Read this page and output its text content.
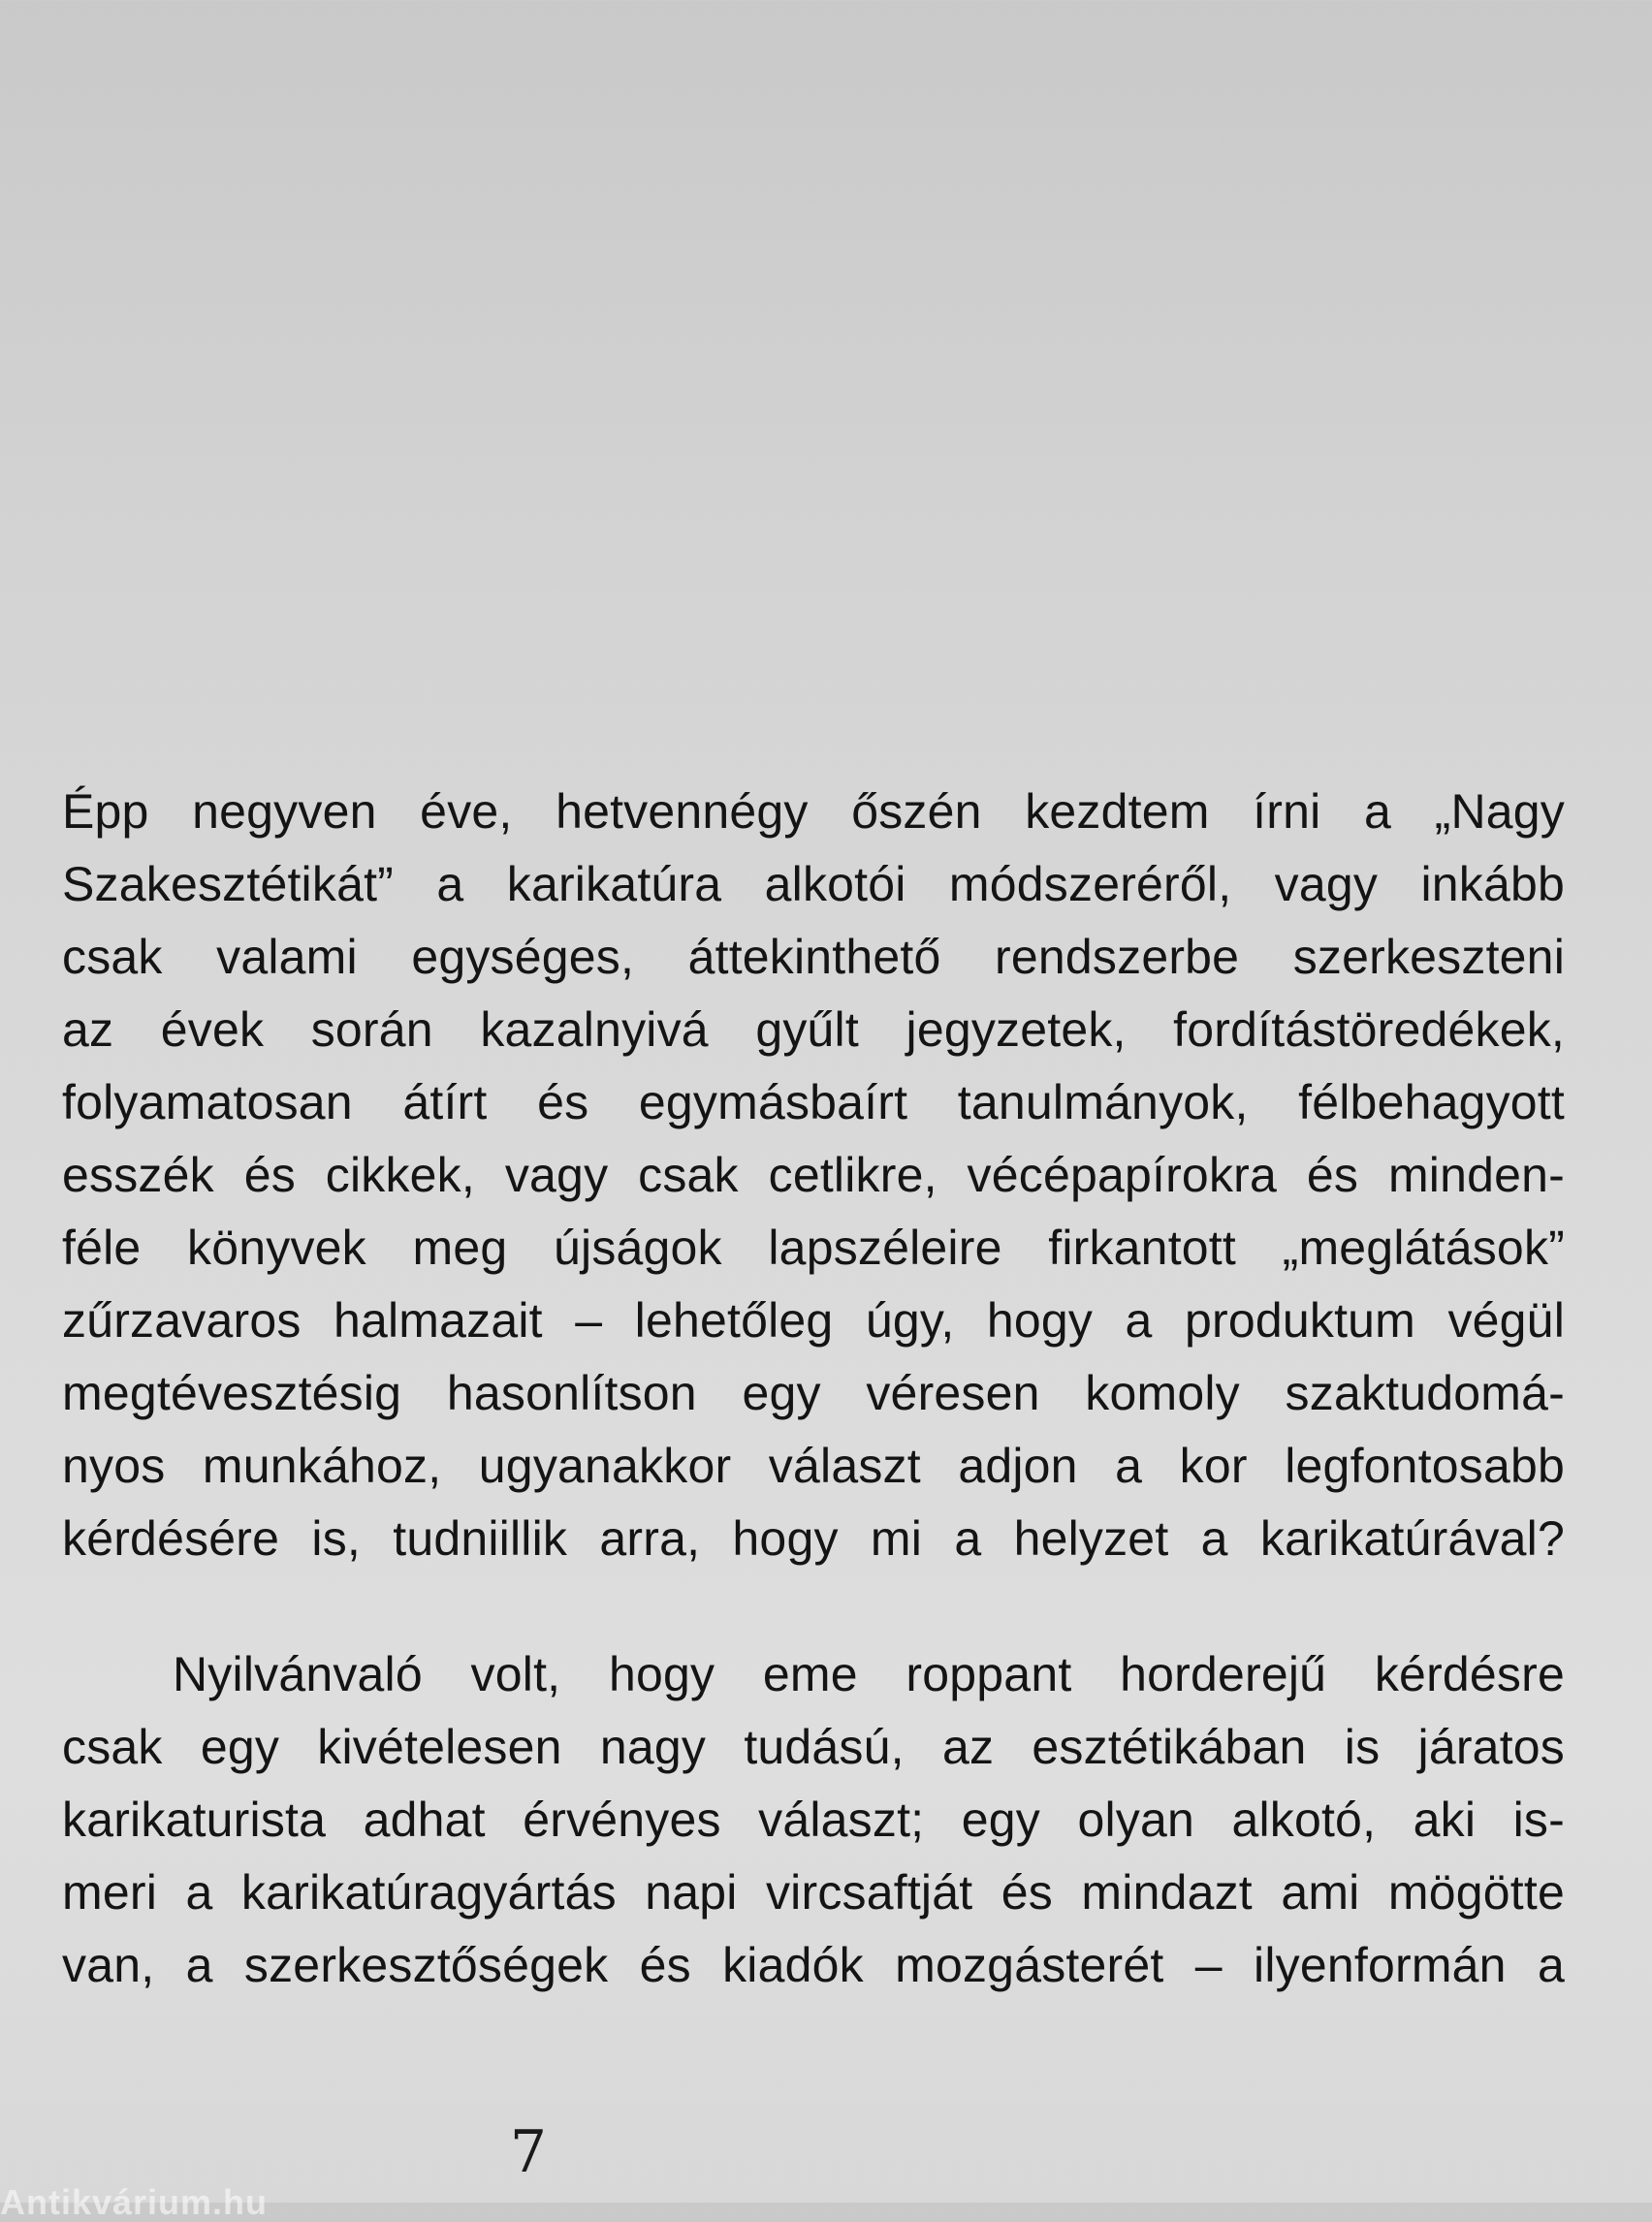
Épp negyven éve, hetvennégy őszén kezdtem írni a „Nagy
Szakesztétikát” a karikatúra alkotói módszeréről, vagy inkább
csak valami egységes, áttekinthető rendszerbe szerkeszteni
az évek során kazalnyivá gyűlt jegyzetek, fordítástöredékek,
folyamatosan átírt és egymásbaírt tanulmányok, félbehagyott
esszék és cikkek, vagy csak cetlikre, vécépapírokra és minden-
féle könyvek meg újságok lapszéleire firkantott „meglátások”
zűrzavaros halmazait – lehetőleg úgy, hogy a produktum végül
megtévesztésig hasonlítson egy véresen komoly szaktudomá-
nyos munkához, ugyanakkor választ adjon a kor legfontosabb
kérdésére is, tudniillik arra, hogy mi a helyzet a karikatúrával?
Nyilvánvaló volt, hogy eme roppant horderejű kérdésre
csak egy kivételesen nagy tudású, az esztétikában is járatos
karikaturista adhat érvényes választ; egy olyan alkotó, aki is-
meri a karikatúragyártás napi vircsaftját és mindazt ami mögötte
van, a szerkesztőségek és kiadók mozgásterét – ilyenformán a
7
Antikvárium.hu
